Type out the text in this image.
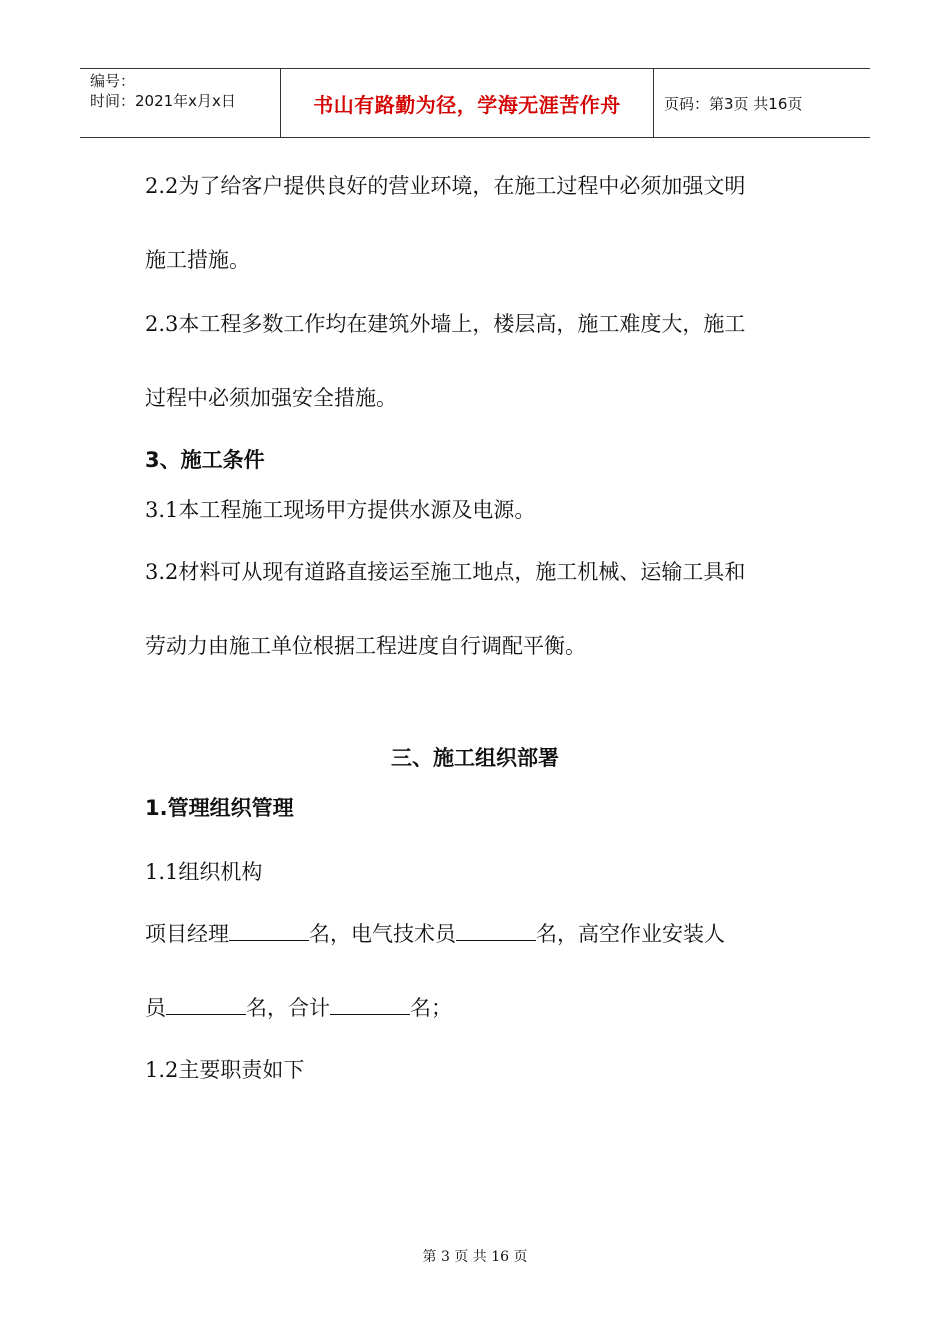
编号：
时间：2021年x月x日	书山有路勤为径，学海无涯苦作舟	页码：第3页 共16页

2.2为了给客户提供良好的营业环境，在施工过程中必须加强文明

施工措施。

2.3本工程多数工作均在建筑外墙上，楼层高，施工难度大，施工

过程中必须加强安全措施。

3、施工条件

3.1本工程施工现场甲方提供水源及电源。

3.2材料可从现有道路直接运至施工地点，施工机械、运输工具和

劳动力由施工单位根据工程进度自行调配平衡。

三、施工组织部署

1.管理组织管理

1.1组织机构

项目经理	名，电气技术员	名，高空作业安装人

员	名，合计	名；

1.2主要职责如下

第 3 页 共 16 页
